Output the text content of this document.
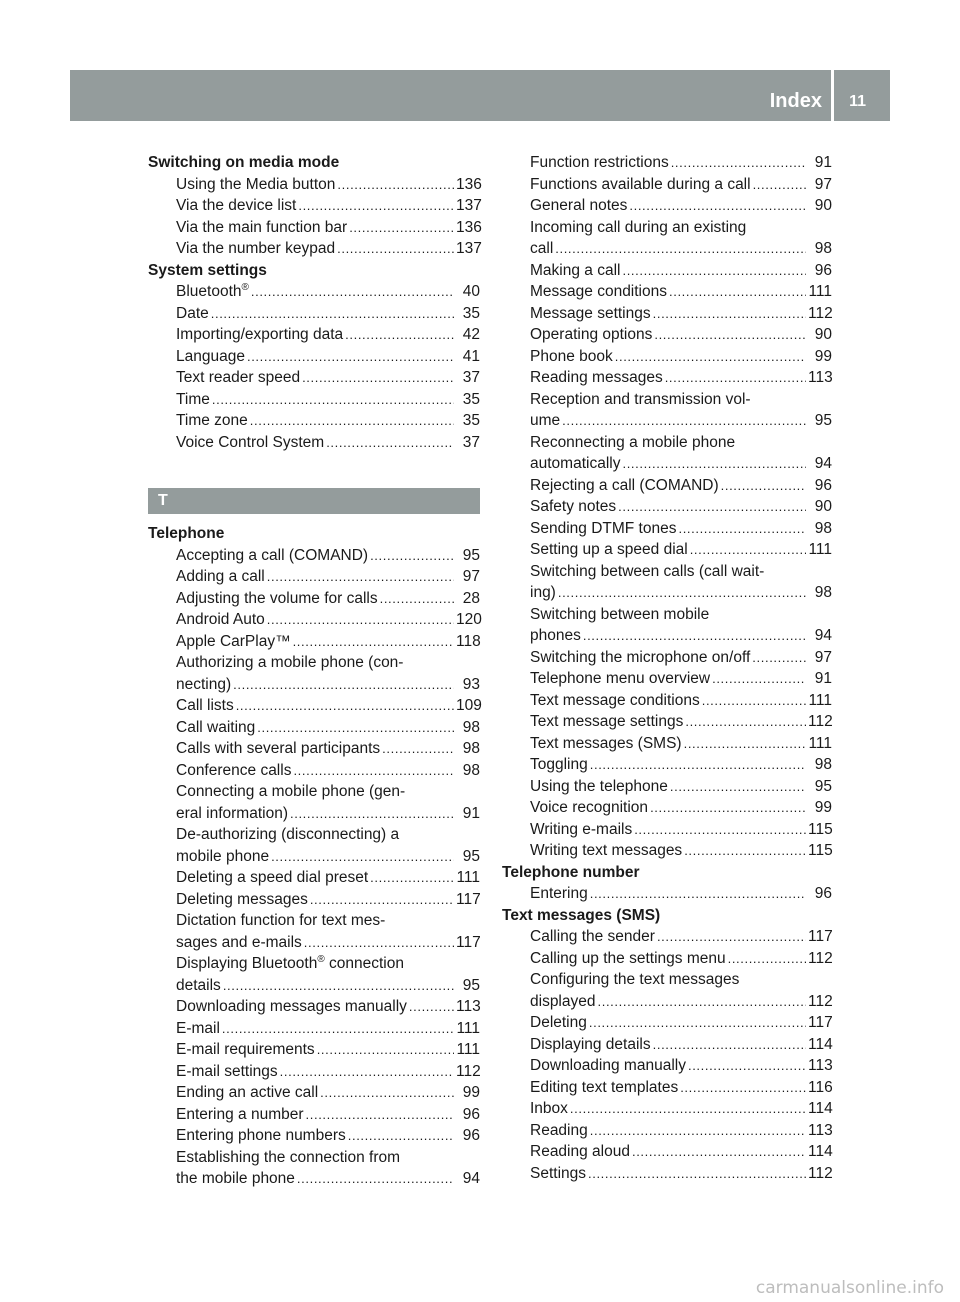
Index 11
Switching on media mode
Using the Media button . . .	136
Via the device list . . .	137
Via the main function bar . . .	136
Via the number keypad . . .	137
System settings
Bluetooth® . . .	40
Date . . .	35
Importing/exporting data . . .	42
Language . . .	41
Text reader speed . . .	37
Time . . .	35
Time zone . . .	35
Voice Control System . . .	37
T
Telephone
Accepting a call (COMAND) . . .	95
Adding a call . . .	97
Adjusting the volume for calls . . .	28
Android Auto . . .	120
Apple CarPlay™ . . .	118
Authorizing a mobile phone (con-
necting) . . .	93
Call lists . . .	109
Call waiting . . .	98
Calls with several participants . . .	98
Conference calls . . .	98
Connecting a mobile phone (gen-
eral information) . . .	91
De-authorizing (disconnecting) a
mobile phone . . .	95
Deleting a speed dial preset . . .	111
Deleting messages . . .	117
Dictation function for text mes-
sages and e-mails . . .	117
Displaying Bluetooth® connection
details . . .	95
Downloading messages manually . . .	113
E-mail . . .	111
E-mail requirements . . .	111
E-mail settings . . .	112
Ending an active call . . .	99
Entering a number . . .	96
Entering phone numbers . . .	96
Establishing the connection from
the mobile phone . . .	94
Function restrictions . . .	91
Functions available during a call . . .	97
General notes . . .	90
Incoming call during an existing
call . . .	98
Making a call . . .	96
Message conditions . . .	111
Message settings . . .	112
Operating options . . .	90
Phone book . . .	99
Reading messages . . .	113
Reception and transmission vol-
ume . . .	95
Reconnecting a mobile phone
automatically . . .	94
Rejecting a call (COMAND) . . .	96
Safety notes . . .	90
Sending DTMF tones . . .	98
Setting up a speed dial . . .	111
Switching between calls (call wait-
ing) . . .	98
Switching between mobile
phones . . .	94
Switching the microphone on/off . . .	97
Telephone menu overview . . .	91
Text message conditions . . .	111
Text message settings . . .	112
Text messages (SMS) . . .	111
Toggling . . .	98
Using the telephone . . .	95
Voice recognition . . .	99
Writing e-mails . . .	115
Writing text messages . . .	115
Telephone number
Entering . . .	96
Text messages (SMS)
Calling the sender . . .	117
Calling up the settings menu . . .	112
Configuring the text messages
displayed . . .	112
Deleting . . .	117
Displaying details . . .	114
Downloading manually . . .	113
Editing text templates . . .	116
Inbox . . .	114
Reading . . .	113
Reading aloud . . .	114
Settings . . .	112
carmanualsonline.info
